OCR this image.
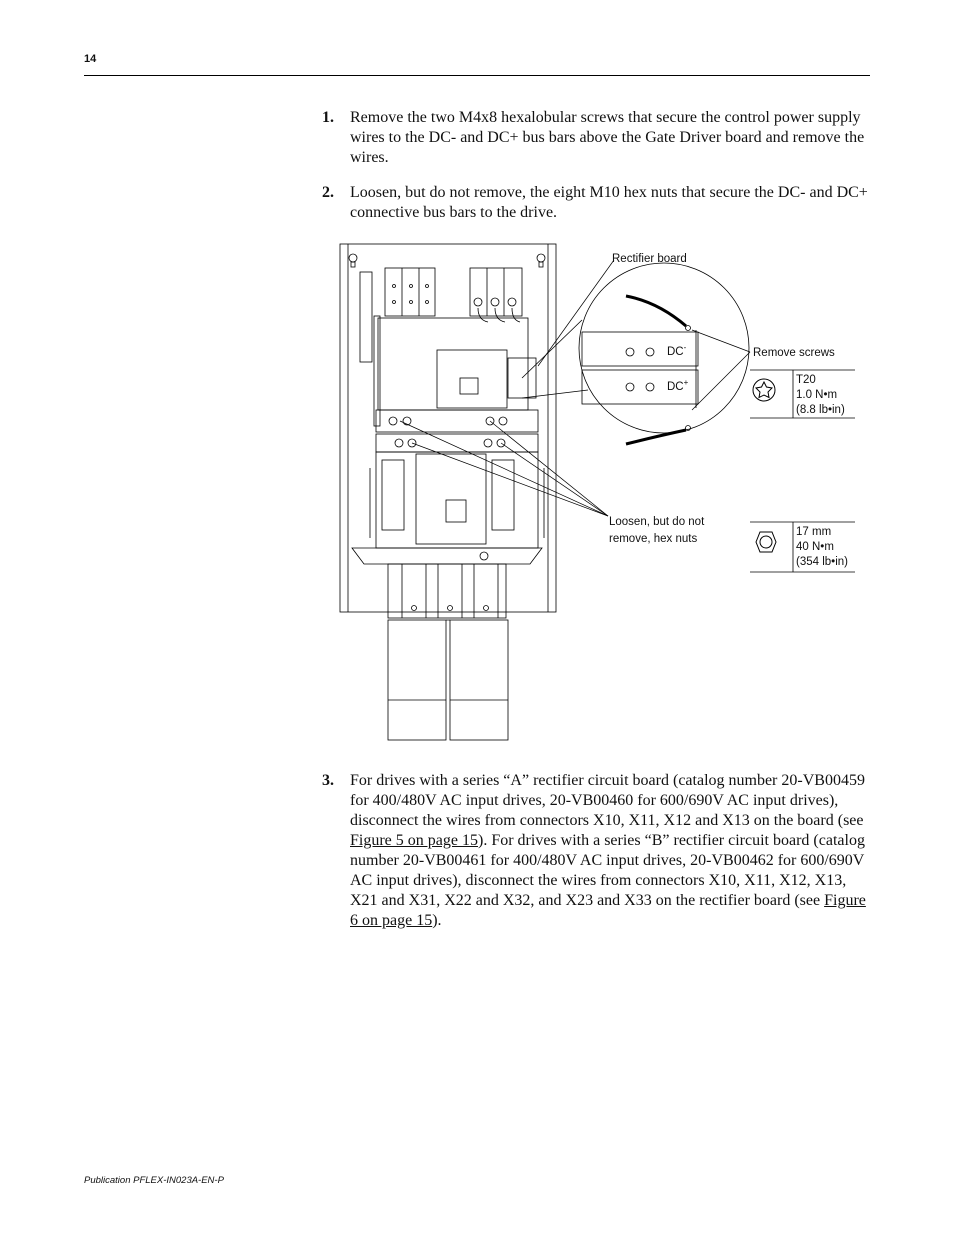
14
1. Remove the two M4x8 hexalobular screws that secure the control power supply wires to the DC- and DC+ bus bars above the Gate Driver board and remove the wires.
2. Loosen, but do not remove, the eight M10 hex nuts that secure the DC- and DC+ connective bus bars to the drive.
Rectifier board
DC-
DC+
Remove screws
T20
1.0 N•m
(8.8 lb•in)
Loosen, but do not
remove, hex nuts
17 mm
40 N•m
(354 lb•in)
3. For drives with a series “A” rectifier circuit board (catalog number 20-VB00459 for 400/480V AC input drives, 20-VB00460 for 600/690V AC input drives), disconnect the wires from connectors X10, X11, X12 and X13 on the board (see Figure 5 on page 15). For drives with a series “B” rectifier circuit board (catalog number 20-VB00461 for 400/480V AC input drives, 20-VB00462 for 600/690V AC input drives), disconnect the wires from connectors X10, X11, X12, X13, X21 and X31, X22 and X32, and X23 and X33 on the rectifier board (see Figure 6 on page 15).
Publication PFLEX-IN023A-EN-P
